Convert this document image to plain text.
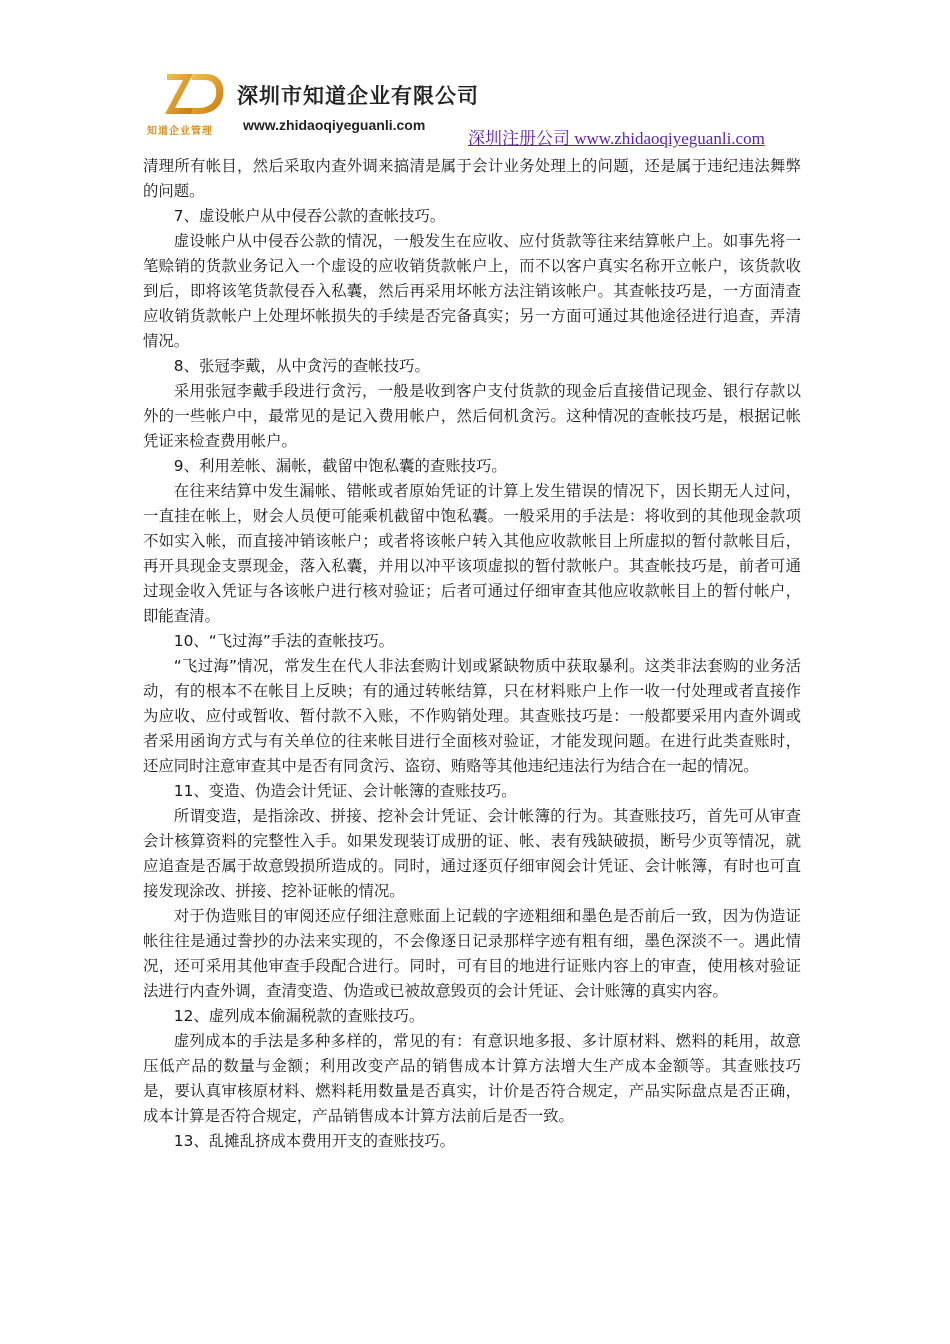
知道企业管理
深圳市知道企业有限公司
www.zhidaoqiyeguanli.com
深圳注册公司 www.zhidaoqiyeguanli.com

清理所有帐目，然后采取内查外调来搞清是属于会计业务处理上的问题，还是属于违纪违法舞弊的问题。

7、虚设帐户从中侵吞公款的查帐技巧。

虚设帐户从中侵吞公款的情况，一般发生在应收、应付货款等往来结算帐户上。如事先将一笔赊销的货款业务记入一个虚设的应收销货款帐户上，而不以客户真实名称开立帐户，该货款收到后，即将该笔货款侵吞入私囊，然后再采用坏帐方法注销该帐户。其查帐技巧是，一方面清查应收销货款帐户上处理坏帐损失的手续是否完备真实；另一方面可通过其他途径进行追查，弄清情况。

8、张冠李戴，从中贪污的查帐技巧。

采用张冠李戴手段进行贪污，一般是收到客户支付货款的现金后直接借记现金、银行存款以外的一些帐户中，最常见的是记入费用帐户，然后伺机贪污。这种情况的查帐技巧是，根据记帐凭证来检查费用帐户。

9、利用差帐、漏帐，截留中饱私囊的查账技巧。

在往来结算中发生漏帐、错帐或者原始凭证的计算上发生错误的情况下，因长期无人过问，一直挂在帐上，财会人员便可能乘机截留中饱私囊。一般采用的手法是：将收到的其他现金款项不如实入帐，而直接冲销该帐户；或者将该帐户转入其他应收款帐目上所虚拟的暂付款帐目后，再开具现金支票现金，落入私囊，并用以冲平该项虚拟的暂付款帐户。其查帐技巧是，前者可通过现金收入凭证与各该帐户进行核对验证；后者可通过仔细审查其他应收款帐目上的暂付帐户，即能查清。

10、“飞过海”手法的查帐技巧。

“飞过海”情况，常发生在代人非法套购计划或紧缺物质中获取暴利。这类非法套购的业务活动，有的根本不在帐目上反映；有的通过转帐结算，只在材料账户上作一收一付处理或者直接作为应收、应付或暂收、暂付款不入账，不作购销处理。其查账技巧是：一般都要采用内查外调或者采用函询方式与有关单位的往来帐目进行全面核对验证，才能发现问题。在进行此类查账时，还应同时注意审查其中是否有同贪污、盗窃、贿赂等其他违纪违法行为结合在一起的情况。

11、变造、伪造会计凭证、会计帐簿的查账技巧。

所谓变造，是指涂改、拼接、挖补会计凭证、会计帐簿的行为。其查账技巧，首先可从审查会计核算资料的完整性入手。如果发现装订成册的证、帐、表有残缺破损，断号少页等情况，就应追查是否属于故意毁损所造成的。同时，通过逐页仔细审阅会计凭证、会计帐簿，有时也可直接发现涂改、拼接、挖补证帐的情况。

对于伪造账目的审阅还应仔细注意账面上记载的字迹粗细和墨色是否前后一致，因为伪造证帐往往是通过誊抄的办法来实现的，不会像逐日记录那样字迹有粗有细，墨色深淡不一。遇此情况，还可采用其他审查手段配合进行。同时，可有目的地进行证账内容上的审查，使用核对验证法进行内查外调，查清变造、伪造或已被故意毁页的会计凭证、会计账簿的真实内容。

12、虚列成本偷漏税款的查账技巧。

虚列成本的手法是多种多样的，常见的有：有意识地多报、多计原材料、燃料的耗用，故意压低产品的数量与金额；利用改变产品的销售成本计算方法增大生产成本金额等。其查账技巧是，要认真审核原材料、燃料耗用数量是否真实，计价是否符合规定，产品实际盘点是否正确，成本计算是否符合规定，产品销售成本计算方法前后是否一致。

13、乱摊乱挤成本费用开支的查账技巧。
